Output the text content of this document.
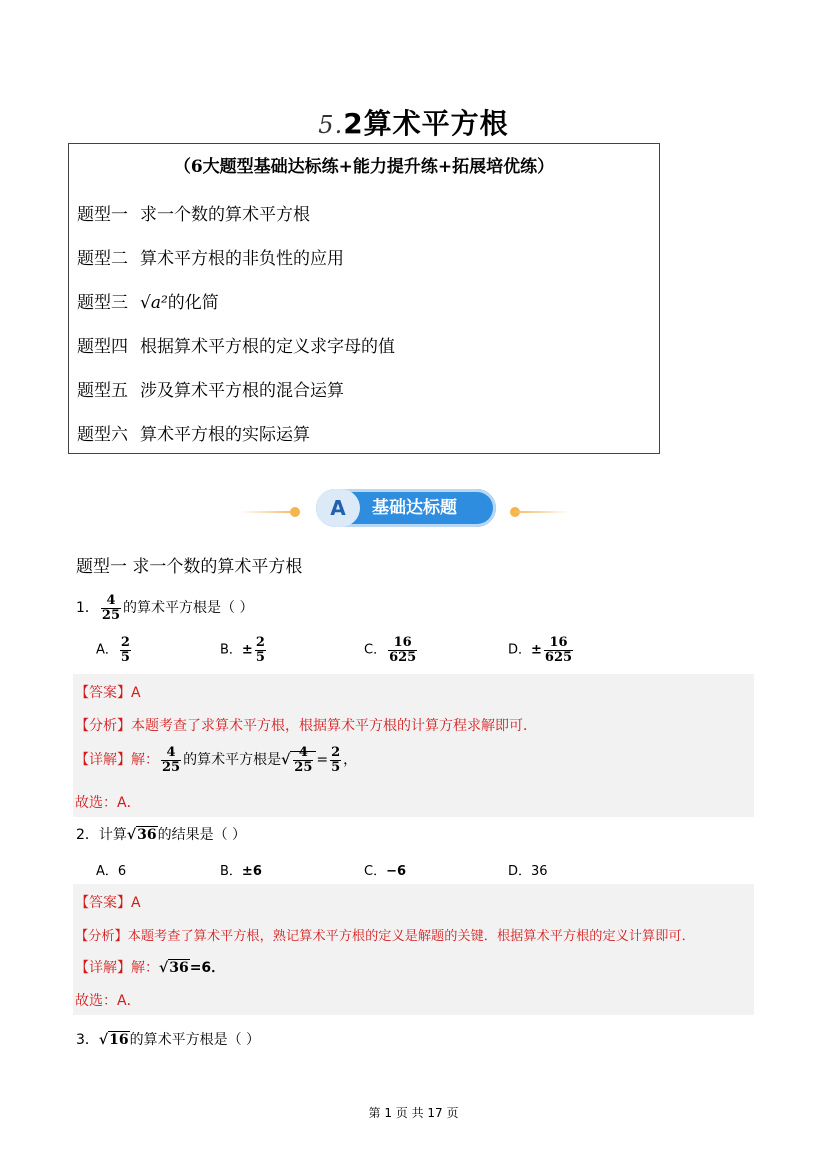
5.2算术平方根
（6大题型基础达标练+能力提升练+拓展培优练）
题型一 求一个数的算术平方根
题型二 算术平方根的非负性的应用
题型三 √a²的化简
题型四 根据算术平方根的定义求字母的值
题型五 涉及算术平方根的混合运算
题型六 算术平方根的实际运算
A	基础达标题
题型一 求一个数的算术平方根
1． $\frac{4}{25}$ 的算术平方根是（ ）
A． $\frac{2}{5}$	B．± $\frac{2}{5}$	C． $\frac{16}{625}$	D．± $\frac{16}{625}$
【答案】A
【分析】本题考查了求算术平方根，根据算术平方根的计算方程求解即可．
【详解】解： $\frac{4}{25}$ 的算术平方根是√ $\frac{4}{25} = \frac{2}{5}$ ，
故选：A．
2．计算√36的结果是（ ）
A．6	B．±6	C．−6	D．36
【答案】A
【分析】本题考查了算术平方根，熟记算术平方根的定义是解题的关键．根据算术平方根的定义计算即可．
【详解】解：√36=6．
故选：A．
3．√16的算术平方根是（ ）
第 1 页 共 17 页
